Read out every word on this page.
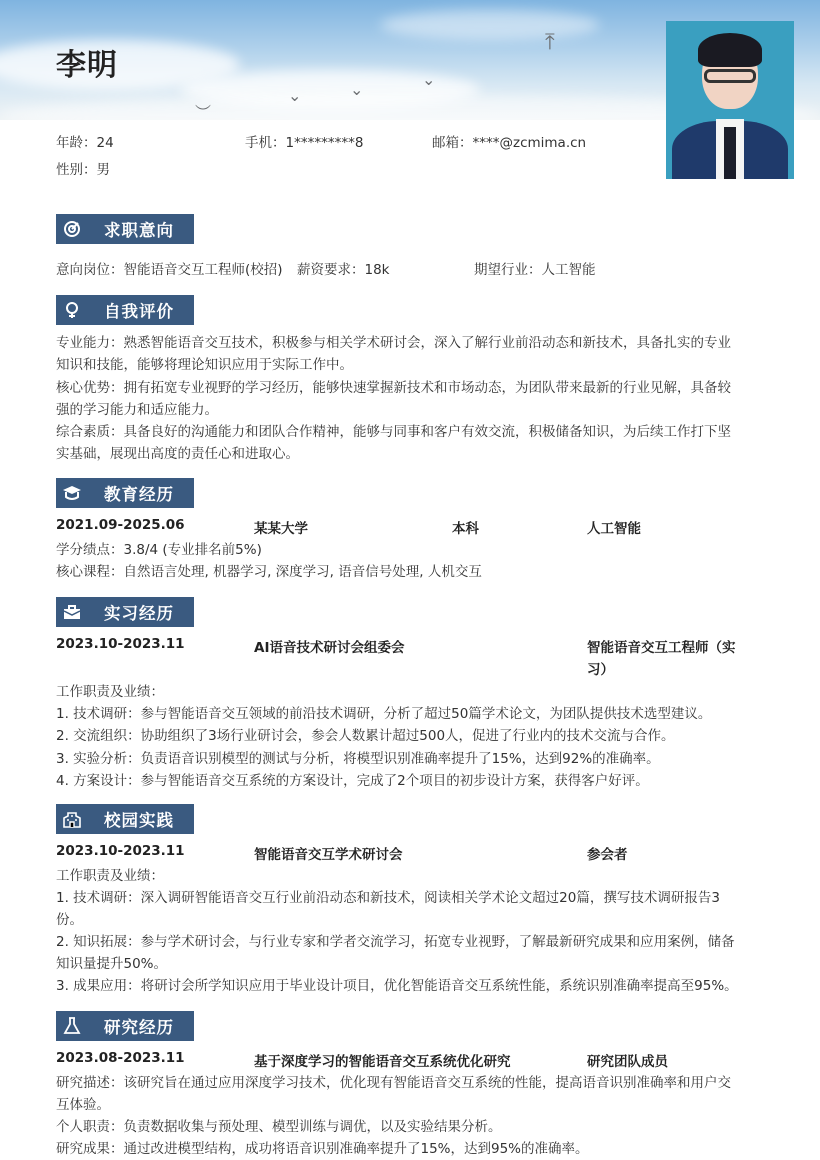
︶
⌄	⌄
⌄
⤒
李明
年龄：24	手机：1*********8	邮箱：****@zcmima.cn
性别：男
求职意向
意向岗位：智能语音交互工程师(校招) 薪资要求：18k	期望行业：人工智能
自我评价
专业能力：熟悉智能语音交互技术，积极参与相关学术研讨会，深入了解行业前沿动态和新技术，具备扎实的专业
知识和技能，能够将理论知识应用于实际工作中。
核心优势：拥有拓宽专业视野的学习经历，能够快速掌握新技术和市场动态，为团队带来最新的行业见解，具备较
强的学习能力和适应能力。
综合素质：具备良好的沟通能力和团队合作精神，能够与同事和客户有效交流，积极储备知识，为后续工作打下坚
实基础，展现出高度的责任心和进取心。
教育经历
2021.09-2025.06	某某大学	本科	人工智能
学分绩点：3.8/4 (专业排名前5%)
核心课程：自然语言处理, 机器学习, 深度学习, 语音信号处理, 人机交互
实习经历
2023.10-2023.11	AI语音技术研讨会组委会	智能语音交互工程师（实
习）
工作职责及业绩：
1. 技术调研：参与智能语音交互领域的前沿技术调研，分析了超过50篇学术论文，为团队提供技术选型建议。
2. 交流组织：协助组织了3场行业研讨会，参会人数累计超过500人，促进了行业内的技术交流与合作。
3. 实验分析：负责语音识别模型的测试与分析，将模型识别准确率提升了15%，达到92%的准确率。
4. 方案设计：参与智能语音交互系统的方案设计，完成了2个项目的初步设计方案，获得客户好评。
校园实践
2023.10-2023.11	智能语音交互学术研讨会	参会者
工作职责及业绩：
1. 技术调研：深入调研智能语音交互行业前沿动态和新技术，阅读相关学术论文超过20篇，撰写技术调研报告3
份。
2. 知识拓展：参与学术研讨会，与行业专家和学者交流学习，拓宽专业视野，了解最新研究成果和应用案例，储备
知识量提升50%。
3. 成果应用：将研讨会所学知识应用于毕业设计项目，优化智能语音交互系统性能，系统识别准确率提高至95%。
研究经历
2023.08-2023.11	基于深度学习的智能语音交互系统优化研究	研究团队成员
研究描述：该研究旨在通过应用深度学习技术，优化现有智能语音交互系统的性能，提高语音识别准确率和用户交
互体验。
个人职责：负责数据收集与预处理、模型训练与调优，以及实验结果分析。
研究成果：通过改进模型结构，成功将语音识别准确率提升了15%，达到95%的准确率。
